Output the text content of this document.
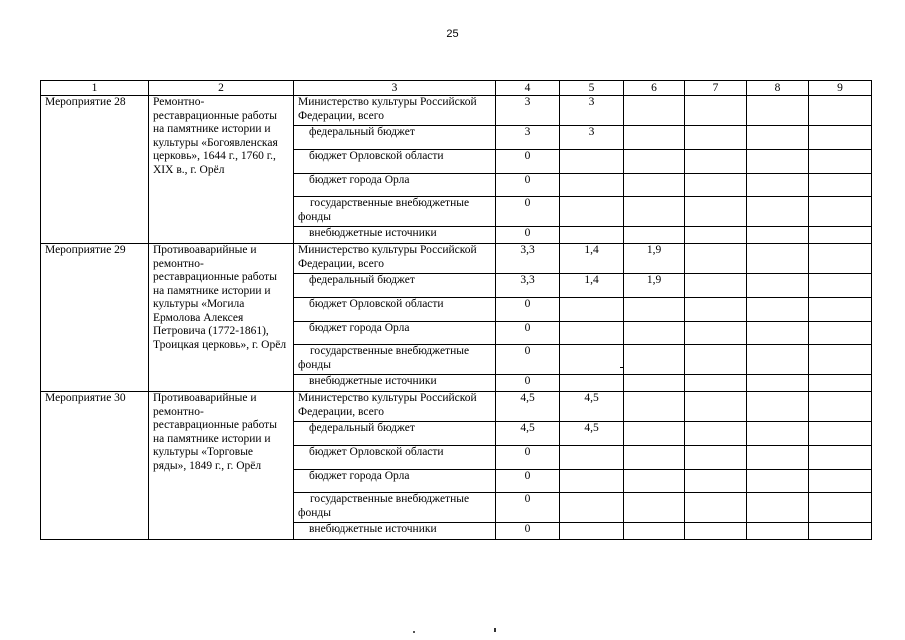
25
1	2	3	4	5	6	7	8	9
Мероприятие 28	Ремонтно-реставрационные работы на памятнике истории и культуры «Богоявленская церковь», 1644 г., 1760 г., XIX в., г. Орёл	Министерство культуры Российской Федерации, всего	3	3				
		федеральный бюджет	3	3				
		бюджет Орловской области	0					
		бюджет города Орла	0					
		государственные внебюджетные фонды	0					
		внебюджетные источники	0					
Мероприятие 29	Противоаварийные и ремонтно-реставрационные работы на памятнике истории и культуры «Могила Ермолова Алексея Петровича (1772-1861), Троицкая церковь», г. Орёл	Министерство культуры Российской Федерации, всего	3,3	1,4	1,9			
		федеральный бюджет	3,3	1,4	1,9			
		бюджет Орловской области	0					
		бюджет города Орла	0					
		государственные внебюджетные фонды	0					
		внебюджетные источники	0					
Мероприятие 30	Противоаварийные и ремонтно-реставрационные работы на памятнике истории и культуры «Торговые ряды», 1849 г., г. Орёл	Министерство культуры Российской Федерации, всего	4,5	4,5				
		федеральный бюджет	4,5	4,5				
		бюджет Орловской области	0					
		бюджет города Орла	0					
		государственные внебюджетные фонды	0					
		внебюджетные источники	0					
